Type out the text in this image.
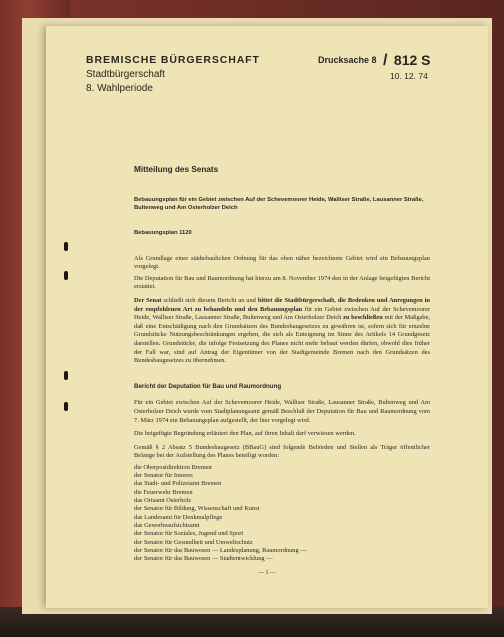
BREMISCHE BÜRGERSCHAFT
Stadtbürgerschaft
8. Wahlperiode
Drucksache 8 / 812 S
10. 12. 74
Mitteilung des Senats
Bebauungsplan für ein Gebiet zwischen Auf der Schevemoorer Heide, Walliser Straße, Lausanner Straße, Bultenweg und Am Osterholzer Deich
Bebauungsplan 1120

Als Grundlage einer städtebaulichen Ordnung für das oben näher bezeichnete Gebiet wird ein Bebauungsplan vorgelegt.

Die Deputation für Bau und Raumordnung hat hierzu am 8. November 1974 den in der Anlage beigefügten Bericht erstattet.

Der Senat schließt sich diesem Bericht an und bittet die Stadtbürgerschaft, die Bedenken und Anregungen in der empfohlenen Art zu behandeln und den Bebauungsplan für ein Gebiet zwischen Auf der Schevemoorer Heide, Walliser Straße, Lausanner Straße, Bultenweg und Am Osterholzer Deich zu beschließen mit der Maßgabe, daß eine Entschädigung nach den Grundsätzen des Bundesbaugesetzes zu gewähren ist, sofern sich für einzelne Grundstücke Nutzungsbeschränkungen ergeben, die sich als Enteignung im Sinne des Artikels 14 Grundgesetz darstellen. Grundstücke, die infolge Festsetzung des Planes nicht mehr bebaut werden dürfen, obwohl dies früher der Fall war, sind auf Antrag der Eigentümer von der Stadtgemeinde Bremen nach den Grundsätzen des Bundesbaugesetzes zu übernehmen.

Bericht der Deputation für Bau und Raumordnung

Für ein Gebiet zwischen Auf der Schevemoorer Heide, Walliser Straße, Lausanner Straße, Bultenweg und Am Osterholzer Deich wurde vom Stadtplanungsamt gemäß Beschluß der Deputation für Bau und Raumordnung vom 7. März 1974 ein Bebauungsplan aufgestellt, der hier vorgelegt wird.

Die beigefügte Begründung erläutert den Plan, auf ihren Inhalt darf verwiesen werden.

Gemäß § 2 Absatz 5 Bundesbaugesetz (BBauG) sind folgende Behörden und Stellen als Träger öffentlicher Belange bei der Aufstellung des Planes beteiligt worden:

die Oberpostdirektion Bremen
der Senator für Inneres
das Stadt- und Polizeiamt Bremen
die Feuerwehr Bremen
das Ortsamt Osterholz
der Senator für Bildung, Wissenschaft und Kunst
das Landesamt für Denkmalpflege
das Gewerbeaufsichtsamt
der Senator für Soziales, Jugend und Sport
der Senator für Gesundheit und Umweltschutz
der Senator für das Bauwesen — Landesplanung, Raumordnung —
der Senator für das Bauwesen — Stadtentwicklung —
— 1 —
